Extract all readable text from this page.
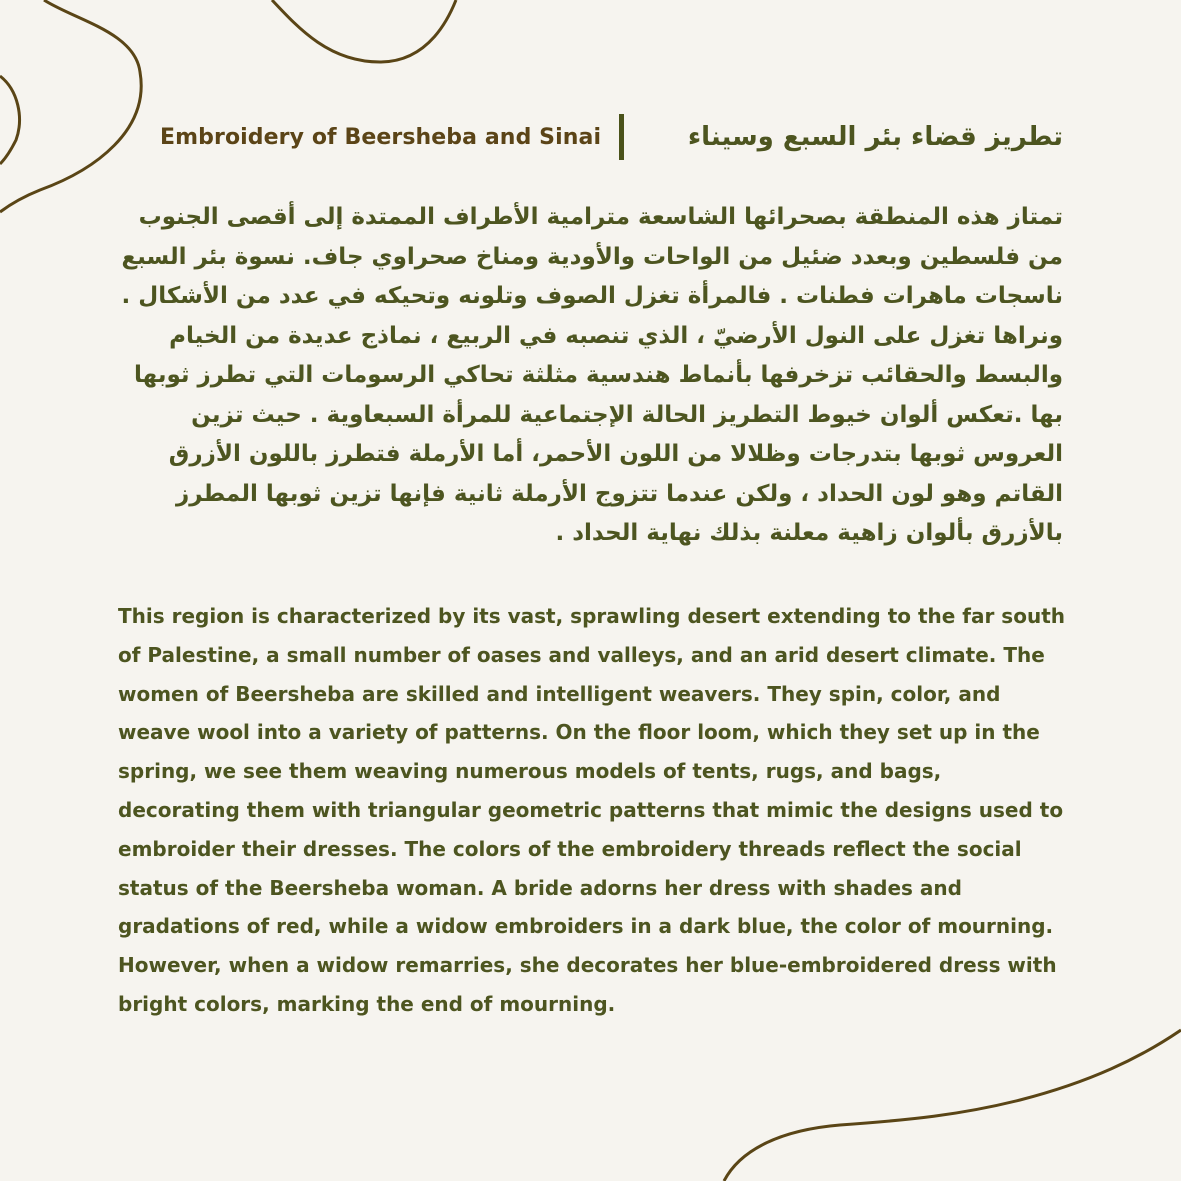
Embroidery of Beersheba and Sinai	تطريز قضاء بئر السبع وسيناء

تمتاز هذه المنطقة بصحرائها الشاسعة مترامية الأطراف الممتدة إلى أقصى الجنوب من فلسطين وبعدد ضئيل من الواحات والأودية ومناخ صحراوي جاف. نسوة بئر السبع ناسجات ماهرات فطنات . فالمرأة تغزل الصوف وتلونه وتحيكه في عدد من الأشكال . ونراها تغزل على النول الأرضيّ ، الذي تنصبه في الربيع ، نماذج عديدة من الخيام والبسط والحقائب تزخرفها بأنماط هندسية مثلثة تحاكي الرسومات التي تطرز ثوبها بها .تعكس ألوان خيوط التطريز الحالة الإجتماعية للمرأة السبعاوية . حيث تزين العروس ثوبها بتدرجات وظلالا من اللون الأحمر، أما الأرملة فتطرز باللون الأزرق القاتم وهو لون الحداد ، ولكن عندما تتزوج الأرملة ثانية فإنها تزين ثوبها المطرز بالأزرق بألوان زاهية معلنة بذلك نهاية الحداد .

This region is characterized by its vast, sprawling desert extending to the far south of Palestine, a small number of oases and valleys, and an arid desert climate. The women of Beersheba are skilled and intelligent weavers. They spin, color, and weave wool into a variety of patterns. On the floor loom, which they set up in the spring, we see them weaving numerous models of tents, rugs, and bags, decorating them with triangular geometric patterns that mimic the designs used to embroider their dresses. The colors of the embroidery threads reflect the social status of the Beersheba woman. A bride adorns her dress with shades and gradations of red, while a widow embroiders in a dark blue, the color of mourning. However, when a widow remarries, she decorates her blue-embroidered dress with bright colors, marking the end of mourning.
